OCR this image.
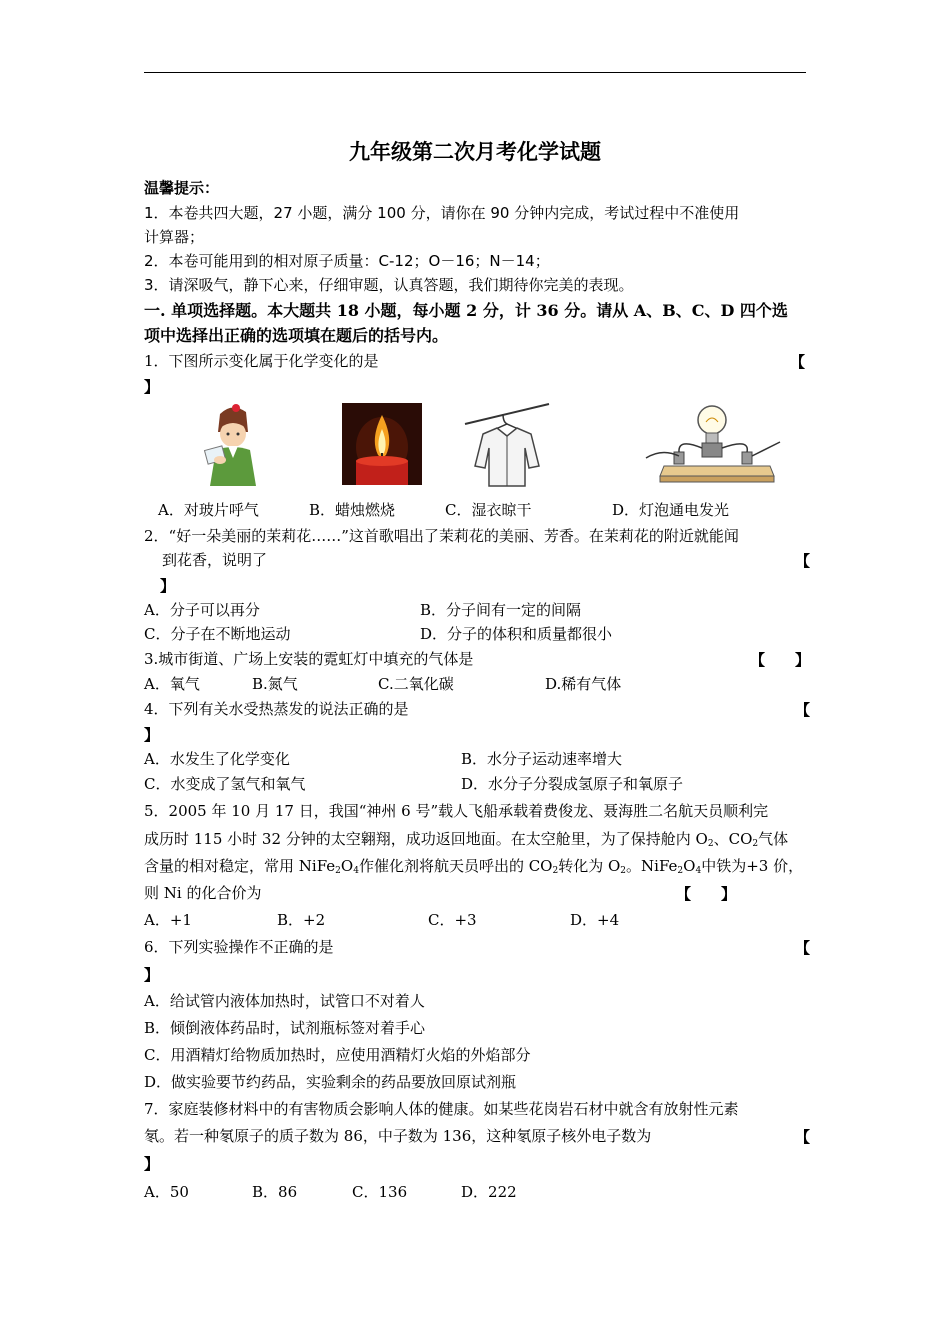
九年级第二次月考化学试题
温馨提示：
1．本卷共四大题，27 小题，满分 100 分，请你在 90 分钟内完成，考试过程中不准使用
计算器；
2．本卷可能用到的相对原子质量：C-12；O－16；N－14；
3．请深吸气，静下心来，仔细审题，认真答题，我们期待你完美的表现。
一. 单项选择题。本大题共 18 小题，每小题 2 分，计 36 分。请从 A、B、C、D 四个选
项中选择出正确的选项填在题后的括号内。
1．下图所示变化属于化学变化的是	【
】
A．对玻片呼气	B．蜡烛燃烧	C．湿衣晾干	D．灯泡通电发光
2．“好一朵美丽的茉莉花……”这首歌唱出了茉莉花的美丽、芳香。在茉莉花的附近就能闻
到花香，说明了	【
】
A．分子可以再分	B．分子间有一定的间隔
C．分子在不断地运动	D．分子的体积和质量都很小
3.城市街道、广场上安装的霓虹灯中填充的气体是	【　　】
A．氧气	B.氮气	C.二氧化碳	D.稀有气体
4．下列有关水受热蒸发的说法正确的是	【
】
A．水发生了化学变化	B．水分子运动速率增大
C．水变成了氢气和氧气	D．水分子分裂成氢原子和氧原子
5．2005 年 10 月 17 日，我国“神州 6 号”载人飞船承载着费俊龙、聂海胜二名航天员顺利完
成历时 115 小时 32 分钟的太空翱翔，成功返回地面。在太空舱里，为了保持舱内 $O_2$、$CO_2$气体
含量的相对稳定，常用 $NiFe_2O_4$作催化剂将航天员呼出的 $CO_2$转化为 $O_2$。$NiFe_2O_4$中铁为+3 价，
则 Ni 的化合价为	【　　】
A．+1	B．+2	C．+3	D．+4
6．下列实验操作不正确的是	【
】
A．给试管内液体加热时，试管口不对着人
B．倾倒液体药品时，试剂瓶标签对着手心
C．用酒精灯给物质加热时，应使用酒精灯火焰的外焰部分
D．做实验要节约药品，实验剩余的药品要放回原试剂瓶
7．家庭装修材料中的有害物质会影响人体的健康。如某些花岗岩石材中就含有放射性元素
氡。若一种氡原子的质子数为 86，中子数为 136，这种氡原子核外电子数为	【
】
A．50	B．86	C．136	D．222
